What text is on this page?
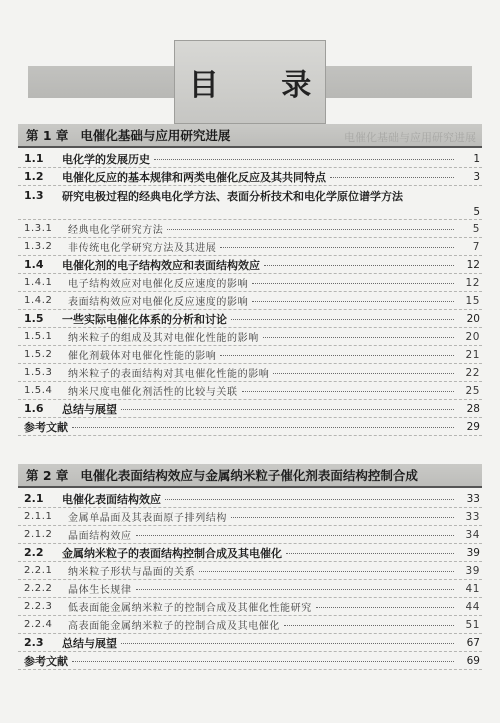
目 录
电催化基础与应用研究进展
第 1 章 电催化基础与应用研究进展
1.1	电化学的发展历史	1
1.2	电催化反应的基本规律和两类电催化反应及其共同特点	3
1.3	研究电极过程的经典电化学方法、表面分析技术和电化学原位谱学方法
5
1.3.1	经典电化学研究方法	5
1.3.2	非传统电化学研究方法及其进展	7
1.4	电催化剂的电子结构效应和表面结构效应	12
1.4.1	电子结构效应对电催化反应速度的影响	12
1.4.2	表面结构效应对电催化反应速度的影响	15
1.5	一些实际电催化体系的分析和讨论	20
1.5.1	纳米粒子的组成及其对电催化性能的影响	20
1.5.2	催化剂载体对电催化性能的影响	21
1.5.3	纳米粒子的表面结构对其电催化性能的影响	22
1.5.4	纳米尺度电催化剂活性的比较与关联	25
1.6	总结与展望	28
参考文献	29
第 2 章 电催化表面结构效应与金属纳米粒子催化剂表面结构控制合成
2.1	电催化表面结构效应	33
2.1.1	金属单晶面及其表面原子排列结构	33
2.1.2	晶面结构效应	34
2.2	金属纳米粒子的表面结构控制合成及其电催化	39
2.2.1	纳米粒子形状与晶面的关系	39
2.2.2	晶体生长规律	41
2.2.3	低表面能金属纳米粒子的控制合成及其催化性能研究	44
2.2.4	高表面能金属纳米粒子的控制合成及其电催化	51
2.3	总结与展望	67
参考文献	69
